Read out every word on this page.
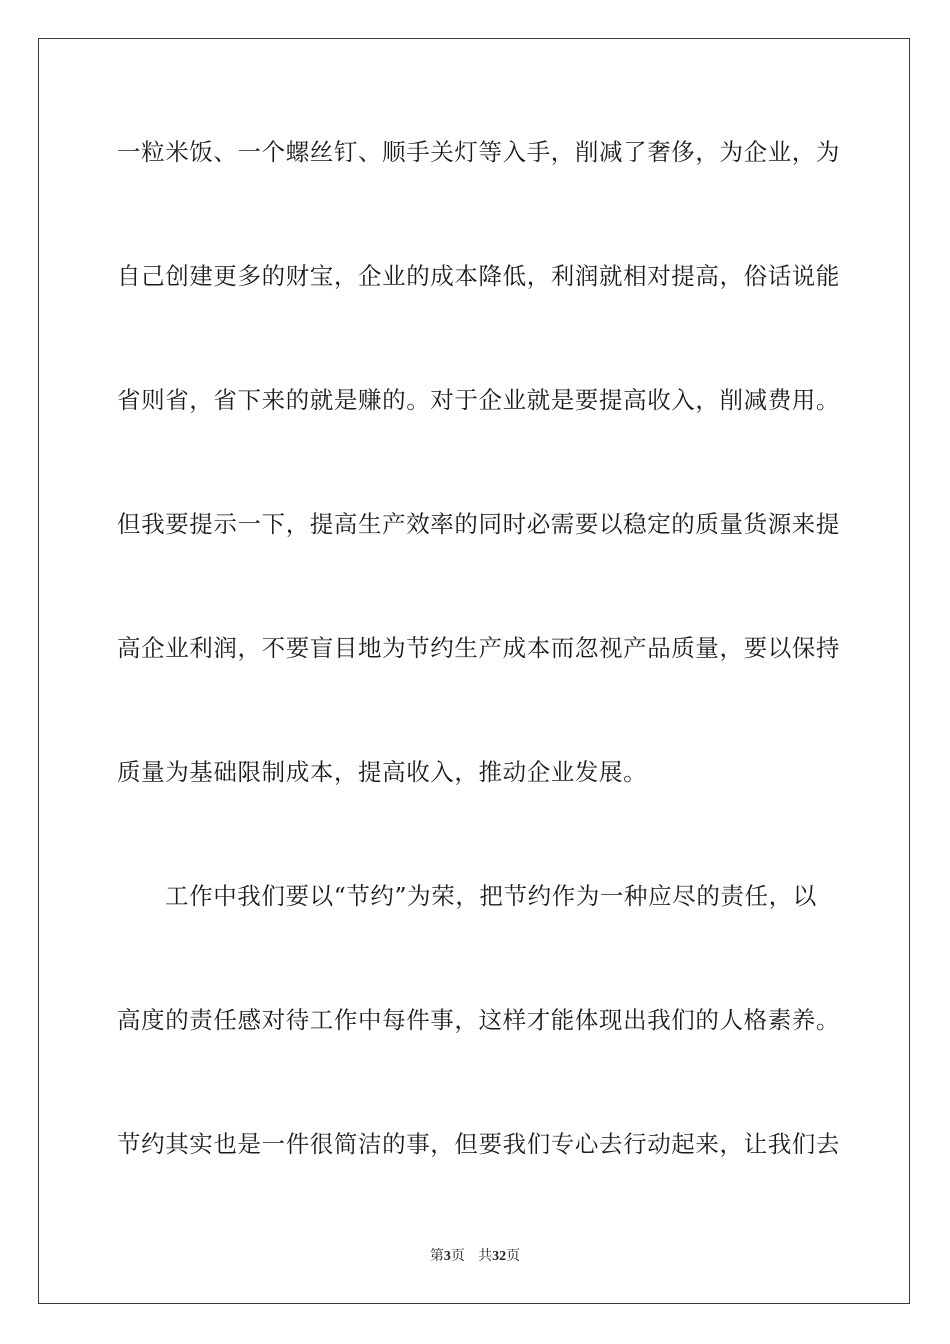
一粒米饭、一个螺丝钉、顺手关灯等入手，削减了奢侈，为企业，为
自己创建更多的财宝，企业的成本降低，利润就相对提高，俗话说能
省则省，省下来的就是赚的。对于企业就是要提高收入，削减费用。
但我要提示一下，提高生产效率的同时必需要以稳定的质量货源来提
高企业利润，不要盲目地为节约生产成本而忽视产品质量，要以保持
质量为基础限制成本，提高收入，推动企业发展。
工作中我们要以“节约”为荣，把节约作为一种应尽的责任，以
高度的责任感对待工作中每件事，这样才能体现出我们的人格素养。
节约其实也是一件很简洁的事，但要我们专心去行动起来，让我们去
第3页 共32页
